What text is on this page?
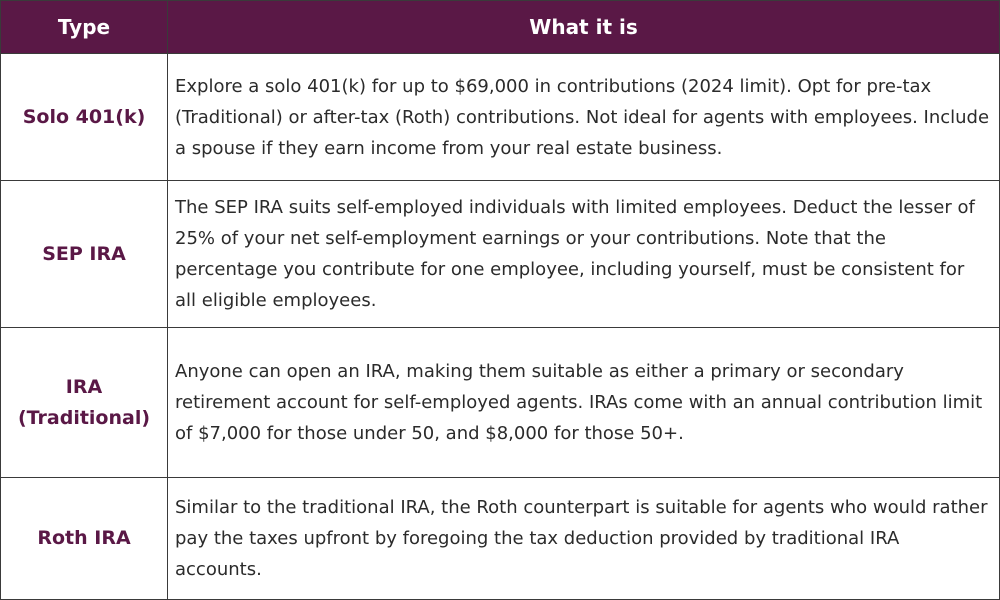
Type	What it is
Solo 401(k)
Explore a solo 401(k) for up to $69,000 in contributions (2024 limit). Opt for pre-tax (Traditional) or after-tax (Roth) contributions. Not ideal for agents with employees. Include a spouse if they earn income from your real estate business.
SEP IRA
The SEP IRA suits self-employed individuals with limited employees. Deduct the lesser of 25% of your net self-employment earnings or your contributions. Note that the percentage you contribute for one employee, including yourself, must be consistent for all eligible employees.
IRA (Traditional)
Anyone can open an IRA, making them suitable as either a primary or secondary retirement account for self-employed agents. IRAs come with an annual contribution limit of $7,000 for those under 50, and $8,000 for those 50+.
Roth IRA
Similar to the traditional IRA, the Roth counterpart is suitable for agents who would rather pay the taxes upfront by foregoing the tax deduction provided by traditional IRA accounts.
